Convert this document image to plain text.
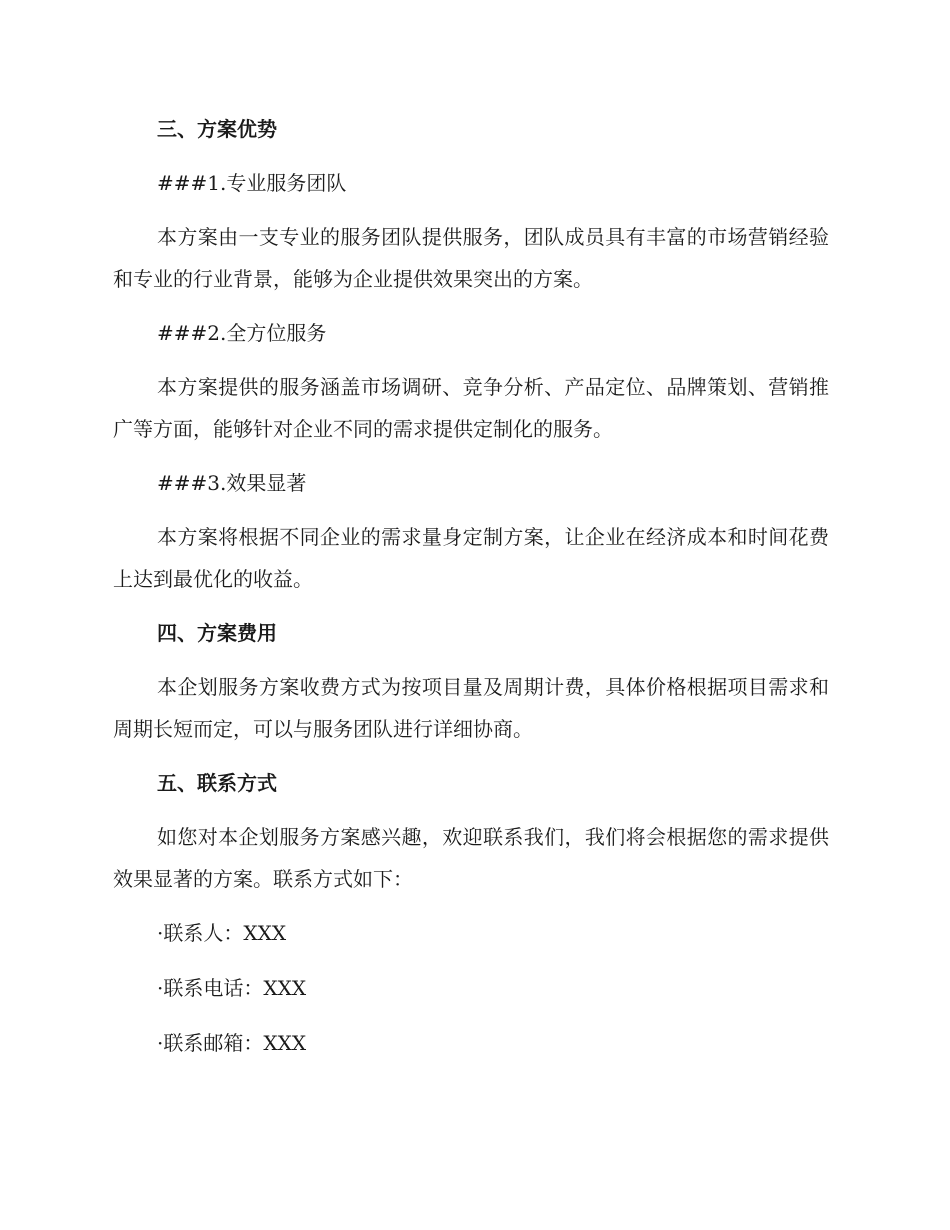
三、方案优势

###1.专业服务团队

本方案由一支专业的服务团队提供服务，团队成员具有丰富的市场营销经验和专业的行业背景，能够为企业提供效果突出的方案。

###2.全方位服务

本方案提供的服务涵盖市场调研、竞争分析、产品定位、品牌策划、营销推广等方面，能够针对企业不同的需求提供定制化的服务。

###3.效果显著

本方案将根据不同企业的需求量身定制方案，让企业在经济成本和时间花费上达到最优化的收益。

四、方案费用

本企划服务方案收费方式为按项目量及周期计费，具体价格根据项目需求和周期长短而定，可以与服务团队进行详细协商。

五、联系方式

如您对本企划服务方案感兴趣，欢迎联系我们，我们将会根据您的需求提供效果显著的方案。联系方式如下：

·联系人：XXX

·联系电话：XXX

·联系邮箱：XXX
